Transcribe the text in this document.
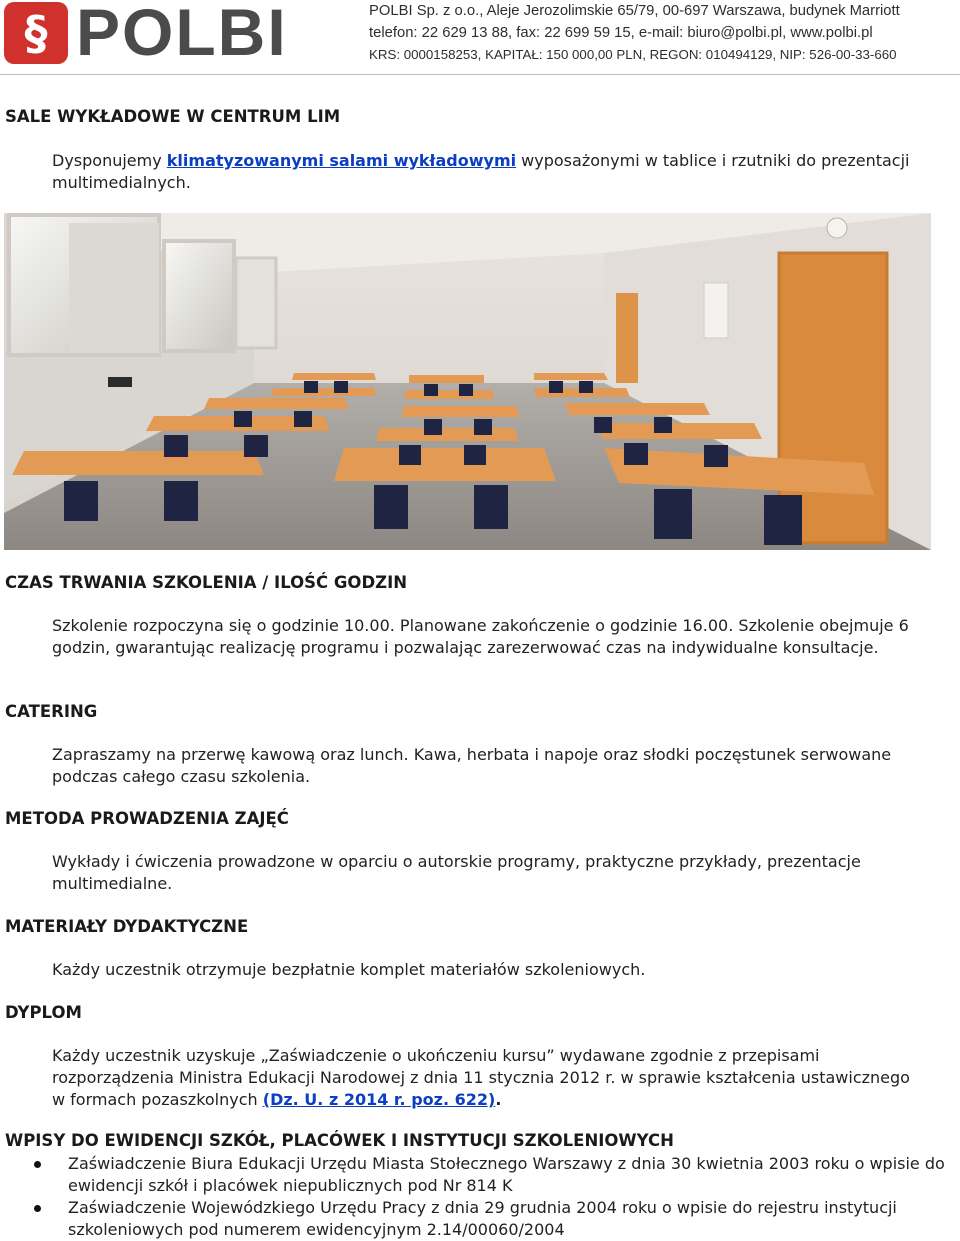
§ POLBI	POLBI Sp. z o.o., Aleje Jerozolimskie 65/79, 00-697 Warszawa, budynek Marriott
telefon: 22 629 13 88, fax: 22 699 59 15, e-mail: biuro@polbi.pl, www.polbi.pl
KRS: 0000158253, KAPITAŁ: 150 000,00 PLN, REGON: 010494129, NIP: 526-00-33-660
SALE WYKŁADOWE W CENTRUM LIM
Dysponujemy klimatyzowanymi salami wykładowymi wyposażonymi w tablice i rzutniki do prezentacji multimedialnych.
CZAS TRWANIA SZKOLENIA / ILOŚĆ GODZIN
Szkolenie rozpoczyna się o godzinie 10.00. Planowane zakończenie o godzinie 16.00. Szkolenie obejmuje 6 godzin, gwarantując realizację programu i pozwalając zarezerwować czas na indywidualne konsultacje.
CATERING
Zapraszamy na przerwę kawową oraz lunch. Kawa, herbata i napoje oraz słodki poczęstunek serwowane podczas całego czasu szkolenia.
METODA PROWADZENIA ZAJĘĆ
Wykłady i ćwiczenia prowadzone w oparciu o autorskie programy, praktyczne przykłady, prezentacje multimedialne.
MATERIAŁY DYDAKTYCZNE
Każdy uczestnik otrzymuje bezpłatnie komplet materiałów szkoleniowych.
DYPLOM
Każdy uczestnik uzyskuje „Zaświadczenie o ukończeniu kursu” wydawane zgodnie z przepisami rozporządzenia Ministra Edukacji Narodowej z dnia 11 stycznia 2012 r. w sprawie kształcenia ustawicznego w formach pozaszkolnych (Dz. U. z 2014 r. poz. 622).
WPISY DO EWIDENCJI SZKÓŁ, PLACÓWEK I INSTYTUCJI SZKOLENIOWYCH
Zaświadczenie Biura Edukacji Urzędu Miasta Stołecznego Warszawy z dnia 30 kwietnia 2003 roku o wpisie do ewidencji szkół i placówek niepublicznych pod Nr 814 K
Zaświadczenie Wojewódzkiego Urzędu Pracy z dnia 29 grudnia 2004 roku o wpisie do rejestru instytucji szkoleniowych pod numerem ewidencyjnym 2.14/00060/2004
